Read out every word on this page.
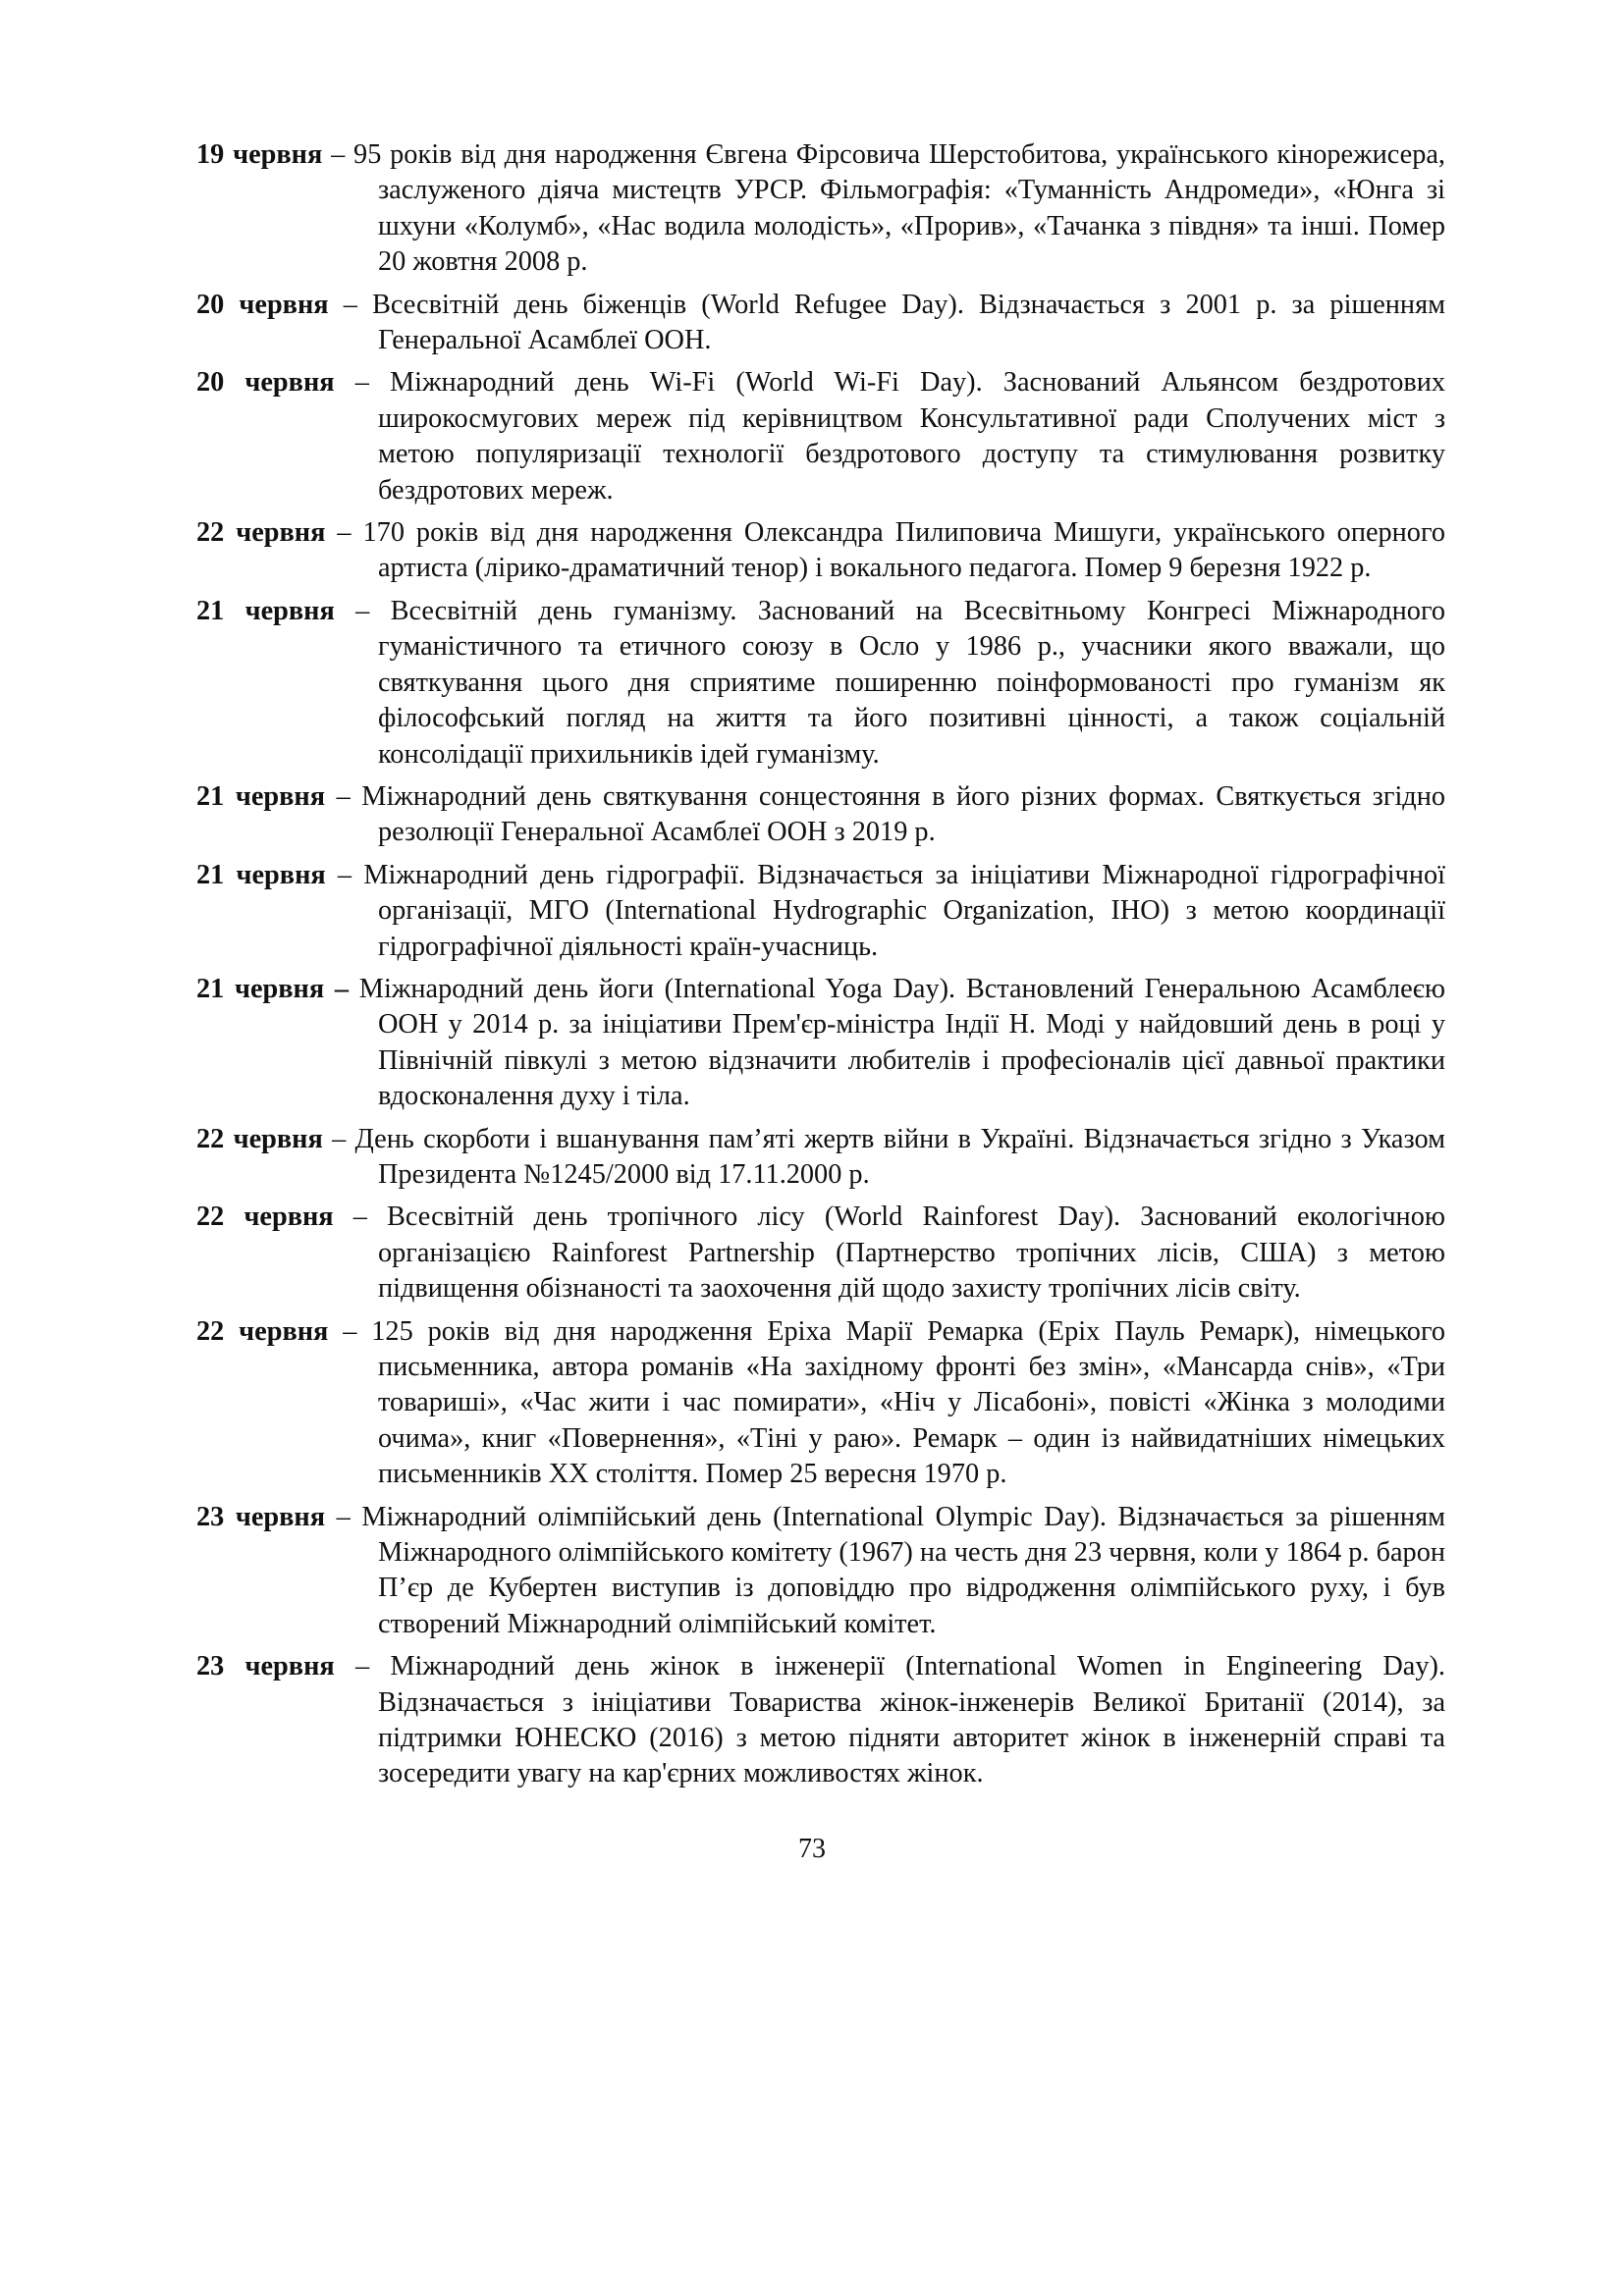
19 червня – 95 років від дня народження Євгена Фірсовича Шерстобитова, українського кінорежисера, заслуженого діяча мистецтв УРСР. Фільмографія: «Туманність Андромеди», «Юнга зі шхуни «Колумб», «Нас водила молодість», «Прорив», «Тачанка з півдня» та інші. Помер 20 жовтня 2008 р.

20 червня – Всесвітній день біженців (World Refugee Day). Відзначається з 2001 р. за рішенням Генеральної Асамблеї ООН.

20 червня – Міжнародний день Wi-Fi (World Wi-Fi Day). Заснований Альянсом бездротових широкосмугових мереж під керівництвом Консультативної ради Сполучених міст з метою популяризації технології бездротового доступу та стимулювання розвитку бездротових мереж.

22 червня – 170 років від дня народження Олександра Пилиповича Мишуги, українського оперного артиста (лірико-драматичний тенор) і вокального педагога. Помер 9 березня 1922 р.

21 червня – Всесвітній день гуманізму. Заснований на Всесвітньому Конгресі Міжнародного гуманістичного та етичного союзу в Осло у 1986 р., учасники якого вважали, що святкування цього дня сприятиме поширенню поінформованості про гуманізм як філософський погляд на життя та його позитивні цінності, а також соціальній консолідації прихильників ідей гуманізму.

21 червня – Міжнародний день святкування сонцестояння в його різних формах. Святкується згідно резолюції Генеральної Асамблеї ООН з 2019 р.

21 червня – Міжнародний день гідрографії. Відзначається за ініціативи Міжнародної гідрографічної організації, МГО (International Hydrographic Organization, IHO) з метою координації гідрографічної діяльності країн-учасниць.

21 червня – Міжнародний день йоги (International Yoga Day). Встановлений Генеральною Асамблеєю ООН у 2014 р. за ініціативи Прем'єр-міністра Індії Н. Моді у найдовший день в році у Північній півкулі з метою відзначити любителів і професіоналів цієї давньої практики вдосконалення духу і тіла.

22 червня – День скорботи і вшанування пам’яті жертв війни в Україні. Відзначається згідно з Указом Президента №1245/2000 від 17.11.2000 р.

22 червня – Всесвітній день тропічного лісу (World Rainforest Day). Заснований екологічною організацією Rainforest Partnership (Партнерство тропічних лісів, США) з метою підвищення обізнаності та заохочення дій щодо захисту тропічних лісів світу.

22 червня – 125 років від дня народження Еріха Марії Ремарка (Еріх Пауль Ремарк), німецького письменника, автора романів «На західному фронті без змін», «Мансарда снів», «Три товариші», «Час жити і час помирати», «Ніч у Лісабоні», повісті «Жінка з молодими очима», книг «Повернення», «Тіні у раю». Ремарк – один із найвидатніших німецьких письменників ХХ століття. Помер 25 вересня 1970 р.

23 червня – Міжнародний олімпійський день (International Olympic Day). Відзначається за рішенням Міжнародного олімпійського комітету (1967) на честь дня 23 червня, коли у 1864 р. барон П’єр де Кубертен виступив із доповіддю про відродження олімпійського руху, і був створений Міжнародний олімпійський комітет.

23 червня – Міжнародний день жінок в інженерії (International Women in Engineering Day). Відзначається з ініціативи Товариства жінок-інженерів Великої Британії (2014), за підтримки ЮНЕСКО (2016) з метою підняти авторитет жінок в інженерній справі та зосередити увагу на кар'єрних можливостях жінок.

73
